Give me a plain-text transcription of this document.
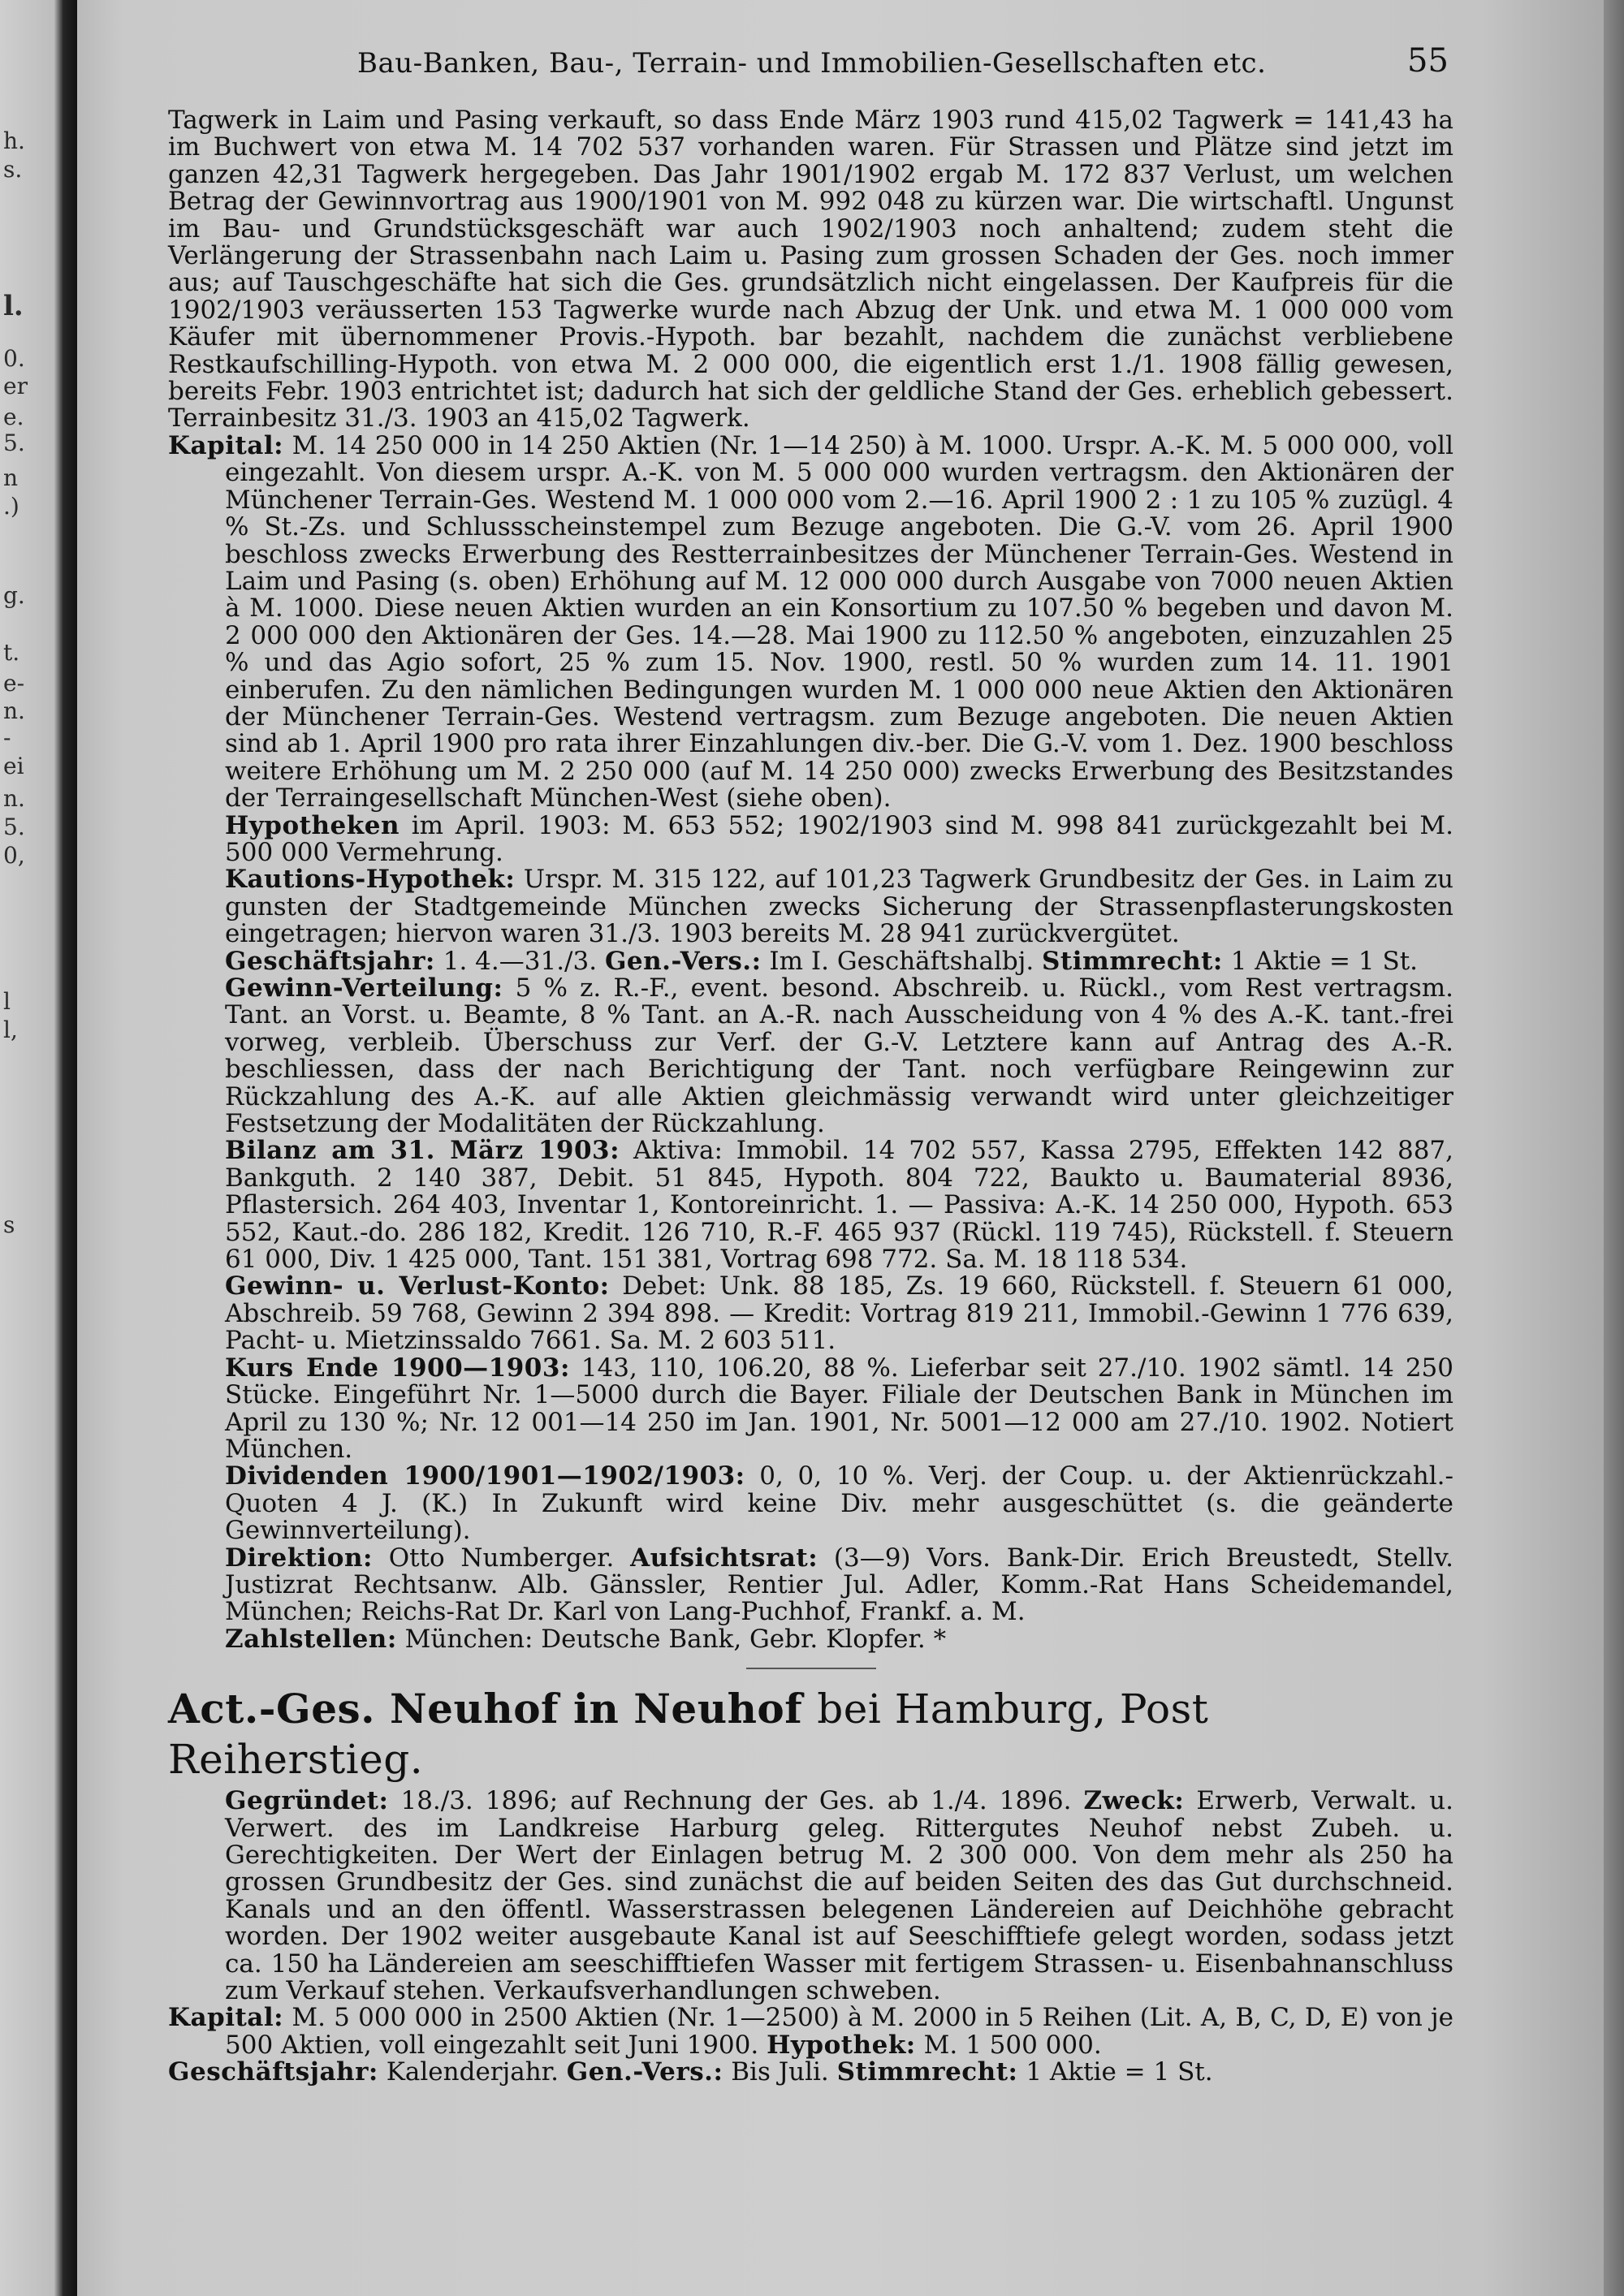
h.
s.
l.
0.
er
e.
5.
n
.)
g.
t.
e-
n.
-
ei
n.
5.
0,
l
l,
s
Bau-Banken, Bau-, Terrain- und Immobilien-Gesellschaften etc.	55

Tagwerk in Laim und Pasing verkauft, so dass Ende März 1903 rund 415,02 Tagwerk = 141,43 ha im Buchwert von etwa M. 14 702 537 vorhanden waren. Für Strassen und Plätze sind jetzt im ganzen 42,31 Tagwerk hergegeben. Das Jahr 1901/1902 ergab M. 172 837 Verlust, um welchen Betrag der Gewinnvortrag aus 1900/1901 von M. 992 048 zu kürzen war. Die wirtschaftl. Ungunst im Bau- und Grundstücksgeschäft war auch 1902/1903 noch anhaltend; zudem steht die Verlängerung der Strassenbahn nach Laim u. Pasing zum grossen Schaden der Ges. noch immer aus; auf Tauschgeschäfte hat sich die Ges. grundsätzlich nicht eingelassen. Der Kaufpreis für die 1902/1903 veräusserten 153 Tagwerke wurde nach Abzug der Unk. und etwa M. 1 000 000 vom Käufer mit übernommener Provis.-Hypoth. bar bezahlt, nachdem die zunächst verbliebene Restkaufschilling-Hypoth. von etwa M. 2 000 000, die eigentlich erst 1./1. 1908 fällig gewesen, bereits Febr. 1903 entrichtet ist; dadurch hat sich der geldliche Stand der Ges. erheblich gebessert. Terrainbesitz 31./3. 1903 an 415,02 Tagwerk.

Kapital: M. 14 250 000 in 14 250 Aktien (Nr. 1—14 250) à M. 1000. Urspr. A.-K. M. 5 000 000, voll eingezahlt. Von diesem urspr. A.-K. von M. 5 000 000 wurden vertragsm. den Aktionären der Münchener Terrain-Ges. Westend M. 1 000 000 vom 2.—16. April 1900 2 : 1 zu 105 % zuzügl. 4 % St.-Zs. und Schlussscheinstempel zum Bezuge angeboten. Die G.-V. vom 26. April 1900 beschloss zwecks Erwerbung des Restterrainbesitzes der Münchener Terrain-Ges. Westend in Laim und Pasing (s. oben) Erhöhung auf M. 12 000 000 durch Ausgabe von 7000 neuen Aktien à M. 1000. Diese neuen Aktien wurden an ein Konsortium zu 107.50 % begeben und davon M. 2 000 000 den Aktionären der Ges. 14.—28. Mai 1900 zu 112.50 % angeboten, einzuzahlen 25 % und das Agio sofort, 25 % zum 15. Nov. 1900, restl. 50 % wurden zum 14. 11. 1901 einberufen. Zu den nämlichen Bedingungen wurden M. 1 000 000 neue Aktien den Aktionären der Münchener Terrain-Ges. Westend vertragsm. zum Bezuge angeboten. Die neuen Aktien sind ab 1. April 1900 pro rata ihrer Einzahlungen div.-ber. Die G.-V. vom 1. Dez. 1900 beschloss weitere Erhöhung um M. 2 250 000 (auf M. 14 250 000) zwecks Erwerbung des Besitzstandes der Terraingesellschaft München-West (siehe oben).

Hypotheken im April. 1903: M. 653 552; 1902/1903 sind M. 998 841 zurückgezahlt bei M. 500 000 Vermehrung.

Kautions-Hypothek: Urspr. M. 315 122, auf 101,23 Tagwerk Grundbesitz der Ges. in Laim zu gunsten der Stadtgemeinde München zwecks Sicherung der Strassenpflasterungskosten eingetragen; hiervon waren 31./3. 1903 bereits M. 28 941 zurückvergütet.

Geschäftsjahr: 1. 4.—31./3. Gen.-Vers.: Im I. Geschäftshalbj. Stimmrecht: 1 Aktie = 1 St.

Gewinn-Verteilung: 5 % z. R.-F., event. besond. Abschreib. u. Rückl., vom Rest vertragsm. Tant. an Vorst. u. Beamte, 8 % Tant. an A.-R. nach Ausscheidung von 4 % des A.-K. tant.-frei vorweg, verbleib. Überschuss zur Verf. der G.-V. Letztere kann auf Antrag des A.-R. beschliessen, dass der nach Berichtigung der Tant. noch verfügbare Reingewinn zur Rückzahlung des A.-K. auf alle Aktien gleichmässig verwandt wird unter gleichzeitiger Festsetzung der Modalitäten der Rückzahlung.

Bilanz am 31. März 1903: Aktiva: Immobil. 14 702 557, Kassa 2795, Effekten 142 887, Bankguth. 2 140 387, Debit. 51 845, Hypoth. 804 722, Baukto u. Baumaterial 8936, Pflastersich. 264 403, Inventar 1, Kontoreinricht. 1. — Passiva: A.-K. 14 250 000, Hypoth. 653 552, Kaut.-do. 286 182, Kredit. 126 710, R.-F. 465 937 (Rückl. 119 745), Rückstell. f. Steuern 61 000, Div. 1 425 000, Tant. 151 381, Vortrag 698 772. Sa. M. 18 118 534.

Gewinn- u. Verlust-Konto: Debet: Unk. 88 185, Zs. 19 660, Rückstell. f. Steuern 61 000, Abschreib. 59 768, Gewinn 2 394 898. — Kredit: Vortrag 819 211, Immobil.-Gewinn 1 776 639, Pacht- u. Mietzinssaldo 7661. Sa. M. 2 603 511.

Kurs Ende 1900—1903: 143, 110, 106.20, 88 %. Lieferbar seit 27./10. 1902 sämtl. 14 250 Stücke. Eingeführt Nr. 1—5000 durch die Bayer. Filiale der Deutschen Bank in München im April zu 130 %; Nr. 12 001—14 250 im Jan. 1901, Nr. 5001—12 000 am 27./10. 1902. Notiert München.

Dividenden 1900/1901—1902/1903: 0, 0, 10 %. Verj. der Coup. u. der Aktienrückzahl.-Quoten 4 J. (K.) In Zukunft wird keine Div. mehr ausgeschüttet (s. die geänderte Gewinnverteilung).

Direktion: Otto Numberger. Aufsichtsrat: (3—9) Vors. Bank-Dir. Erich Breustedt, Stellv. Justizrat Rechtsanw. Alb. Gänssler, Rentier Jul. Adler, Komm.-Rat Hans Scheidemandel, München; Reichs-Rat Dr. Karl von Lang-Puchhof, Frankf. a. M.

Zahlstellen: München: Deutsche Bank, Gebr. Klopfer. *

Act.-Ges. Neuhof in Neuhof bei Hamburg, Post Reiherstieg.

Gegründet: 18./3. 1896; auf Rechnung der Ges. ab 1./4. 1896. Zweck: Erwerb, Verwalt. u. Verwert. des im Landkreise Harburg geleg. Rittergutes Neuhof nebst Zubeh. u. Gerechtigkeiten. Der Wert der Einlagen betrug M. 2 300 000. Von dem mehr als 250 ha grossen Grundbesitz der Ges. sind zunächst die auf beiden Seiten des das Gut durchschneid. Kanals und an den öffentl. Wasserstrassen belegenen Ländereien auf Deichhöhe gebracht worden. Der 1902 weiter ausgebaute Kanal ist auf Seeschifftiefe gelegt worden, sodass jetzt ca. 150 ha Ländereien am seeschifftiefen Wasser mit fertigem Strassen- u. Eisenbahnanschluss zum Verkauf stehen. Verkaufsverhandlungen schweben.

Kapital: M. 5 000 000 in 2500 Aktien (Nr. 1—2500) à M. 2000 in 5 Reihen (Lit. A, B, C, D, E) von je 500 Aktien, voll eingezahlt seit Juni 1900. Hypothek: M. 1 500 000.

Geschäftsjahr: Kalenderjahr. Gen.-Vers.: Bis Juli. Stimmrecht: 1 Aktie = 1 St.
